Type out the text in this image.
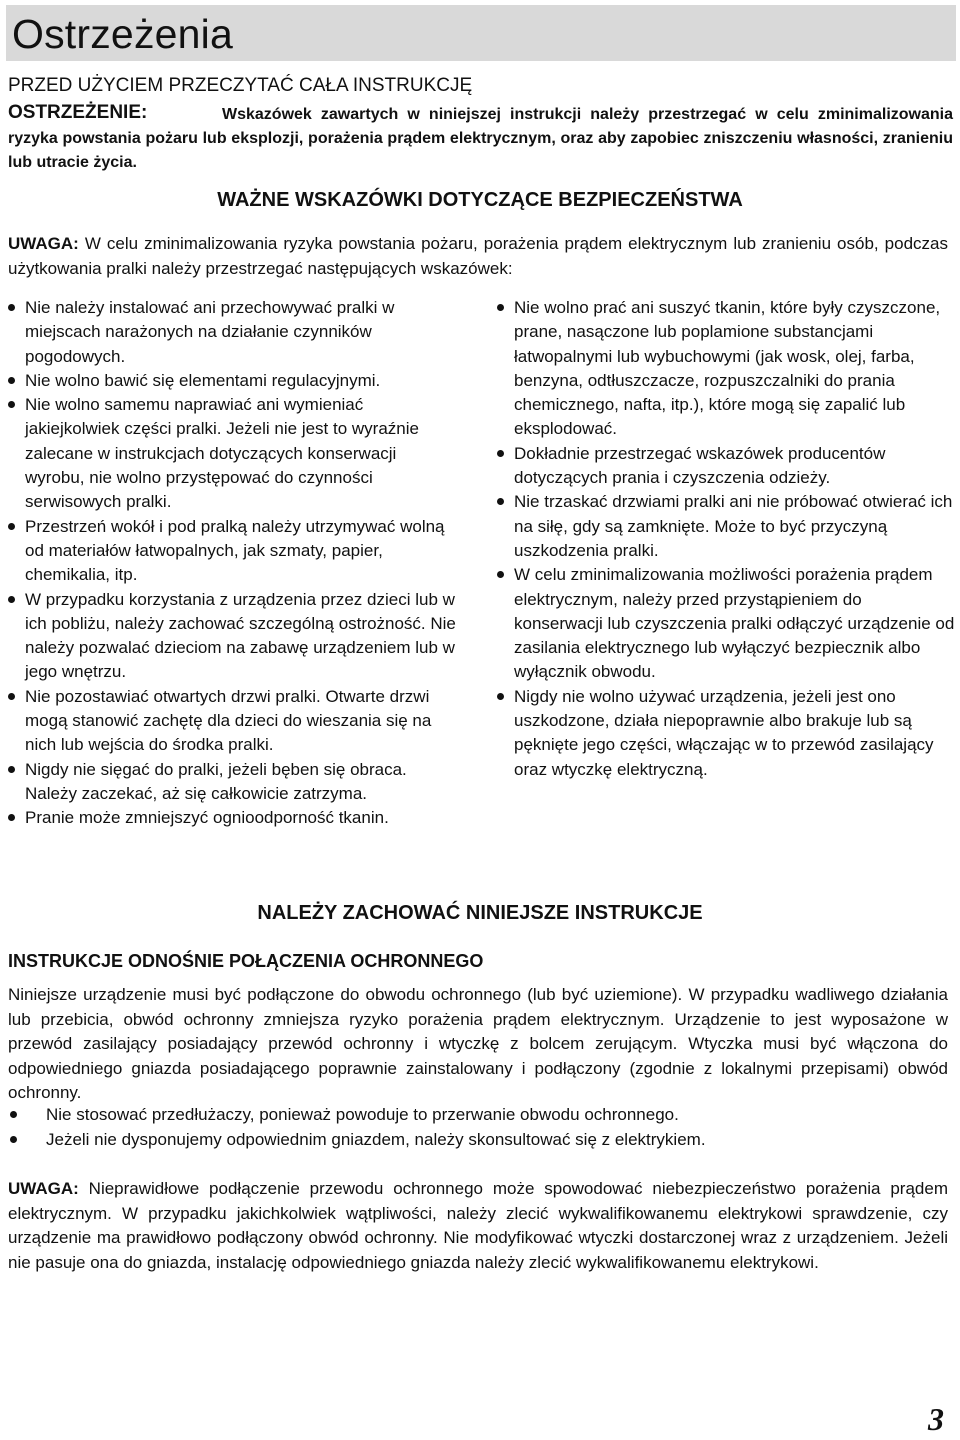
Ostrzeżenia
PRZED UŻYCIEM PRZECZYTAĆ CAŁA INSTRUKCJĘ
OSTRZEŻENIE:	Wskazówek zawartych w niniejszej instrukcji należy przestrzegać w celu zminimalizowania ryzyka powstania pożaru lub eksplozji, porażenia prądem elektrycznym, oraz aby zapobiec zniszczeniu własności, zranieniu lub utracie życia.
WAŻNE WSKAZÓWKI DOTYCZĄCE BEZPIECZEŃSTWA
UWAGA: W celu zminimalizowania ryzyka powstania pożaru, porażenia prądem elektrycznym lub zranieniu osób, podczas użytkowania pralki należy przestrzegać następujących wskazówek:
Nie należy instalować ani przechowywać pralki w miejscach narażonych na działanie czynników pogodowych.
Nie wolno bawić się elementami regulacyjnymi.
Nie wolno samemu naprawiać ani wymieniać jakiejkolwiek części pralki. Jeżeli nie jest to wyraźnie zalecane w instrukcjach dotyczących konserwacji wyrobu, nie wolno przystępować do czynności serwisowych pralki.
Przestrzeń wokół i pod pralką należy utrzymywać wolną od materiałów łatwopalnych, jak szmaty, papier, chemikalia, itp.
W przypadku korzystania z urządzenia przez dzieci lub w ich pobliżu, należy zachować szczególną ostrożność. Nie należy pozwalać dzieciom na zabawę urządzeniem lub w jego wnętrzu.
Nie pozostawiać otwartych drzwi pralki. Otwarte drzwi mogą stanowić zachętę dla dzieci do wieszania się na nich lub wejścia do środka pralki.
Nigdy nie sięgać do pralki, jeżeli bęben się obraca. Należy zaczekać, aż się całkowicie zatrzyma.
Pranie może zmniejszyć ognioodporność tkanin.
Nie wolno prać ani suszyć tkanin, które były czyszczone, prane, nasączone lub poplamione substancjami łatwopalnymi lub wybuchowymi (jak wosk, olej, farba, benzyna, odtłuszczacze, rozpuszczalniki do prania chemicznego, nafta, itp.), które mogą się zapalić lub eksplodować.
Dokładnie przestrzegać wskazówek producentów dotyczących prania i czyszczenia odzieży.
Nie trzaskać drzwiami pralki ani nie próbować otwierać ich na siłę, gdy są zamknięte. Może to być przyczyną uszkodzenia pralki.
W celu zminimalizowania możliwości porażenia prądem elektrycznym, należy przed przystąpieniem do konserwacji lub czyszczenia pralki odłączyć urządzenie od zasilania elektrycznego lub wyłączyć bezpiecznik albo wyłącznik obwodu.
Nigdy nie wolno używać urządzenia, jeżeli jest ono uszkodzone, działa niepoprawnie albo brakuje lub są pęknięte jego części, włączając w to przewód zasilający oraz wtyczkę elektryczną.
NALEŻY ZACHOWAĆ NINIEJSZE INSTRUKCJE
INSTRUKCJE ODNOŚNIE POŁĄCZENIA OCHRONNEGO
Niniejsze urządzenie musi być podłączone do obwodu ochronnego (lub być uziemione). W przypadku wadliwego działania lub przebicia, obwód ochronny zmniejsza ryzyko porażenia prądem elektrycznym. Urządzenie to jest wyposażone w przewód zasilający posiadający przewód ochronny i wtyczkę z bolcem zerującym. Wtyczka musi być włączona do odpowiedniego gniazda posiadającego poprawnie zainstalowany i podłączony (zgodnie z lokalnymi przepisami) obwód ochronny.
Nie stosować przedłużaczy, ponieważ powoduje to przerwanie obwodu ochronnego.
Jeżeli nie dysponujemy odpowiednim gniazdem, należy skonsultować się z elektrykiem.
UWAGA: Nieprawidłowe podłączenie przewodu ochronnego może spowodować niebezpieczeństwo porażenia prądem elektrycznym. W przypadku jakichkolwiek wątpliwości, należy zlecić wykwalifikowanemu elektrykowi sprawdzenie, czy urządzenie ma prawidłowo podłączony obwód ochronny. Nie modyfikować wtyczki dostarczonej wraz z urządzeniem. Jeżeli nie pasuje ona do gniazda, instalację odpowiedniego gniazda należy zlecić wykwalifikowanemu elektrykowi.
3
